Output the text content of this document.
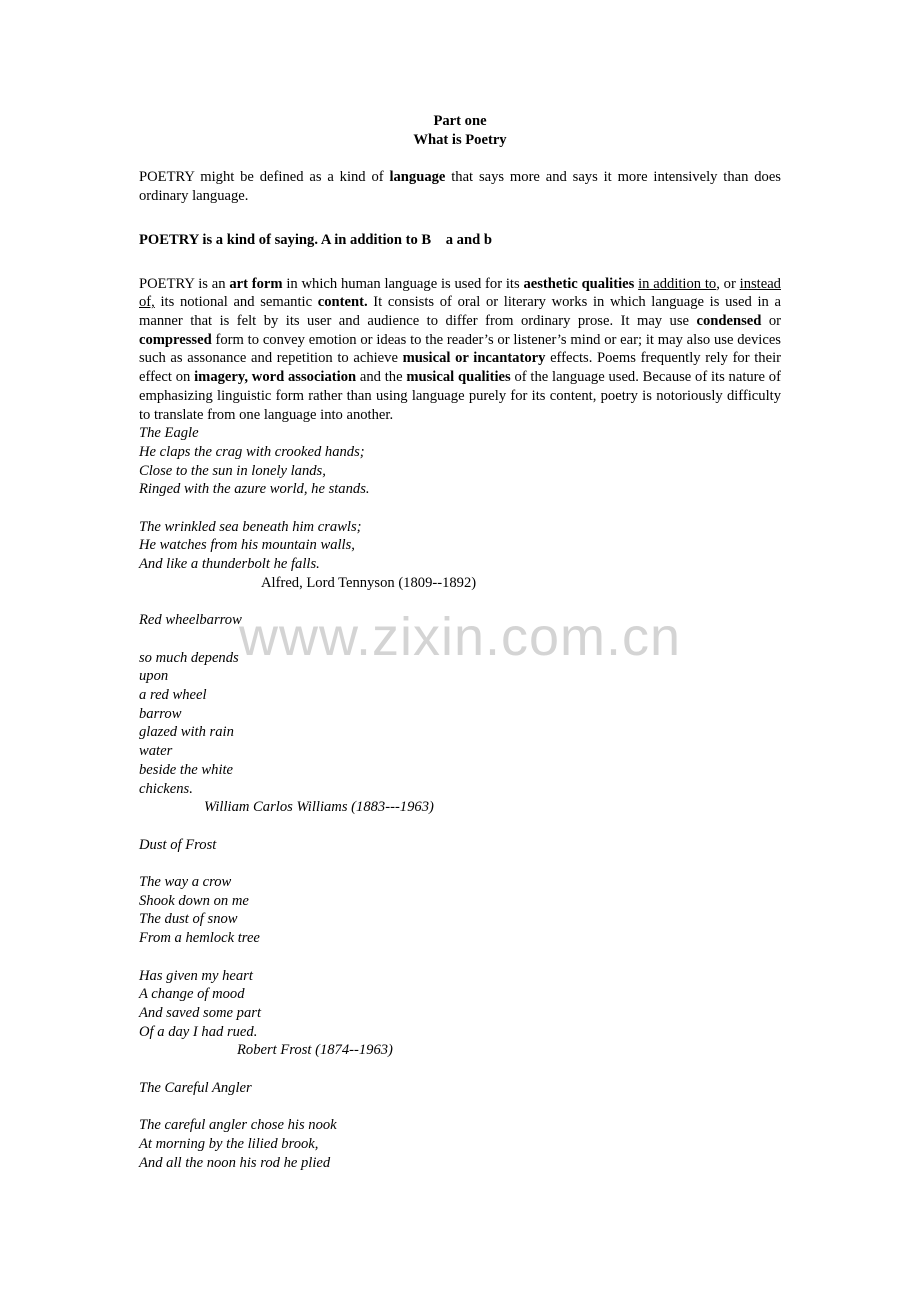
www.zixin.com.cn

Part one

What is Poetry

POETRY might be defined as a kind of language that says more and says it more intensively than does ordinary language.

POETRY is a kind of saying. A in addition to B    a and b

POETRY is an art form in which human language is used for its aesthetic qualities in addition to, or instead of, its notional and semantic content. It consists of oral or literary works in which language is used in a manner that is felt by its user and audience to differ from ordinary prose. It may use condensed or compressed form to convey emotion or ideas to the reader’s or listener’s mind or ear; it may also use devices such as assonance and repetition to achieve musical or incantatory effects. Poems frequently rely for their effect on imagery, word association and the musical qualities of the language used. Because of its nature of emphasizing linguistic form rather than using language purely for its content, poetry is notoriously difficulty to translate from one language into another.

The Eagle

He claps the crag with crooked hands;

Close to the sun in lonely lands,

Ringed with the azure world, he stands.

The wrinkled sea beneath him crawls;

He watches from his mountain walls,

And like a thunderbolt he falls.

Alfred, Lord Tennyson (1809--1892)

Red wheelbarrow

so much depends

upon

a red wheel

barrow

glazed with rain

water

beside the white

chickens.

William Carlos Williams (1883---1963)

Dust of Frost

The way a crow

Shook down on me

The dust of snow

From a hemlock tree

Has given my heart

A change of mood

And saved some part

Of a day I had rued.

Robert Frost (1874--1963)

The Careful Angler

The careful angler chose his nook

At morning by the lilied brook,

And all the noon his rod he plied
